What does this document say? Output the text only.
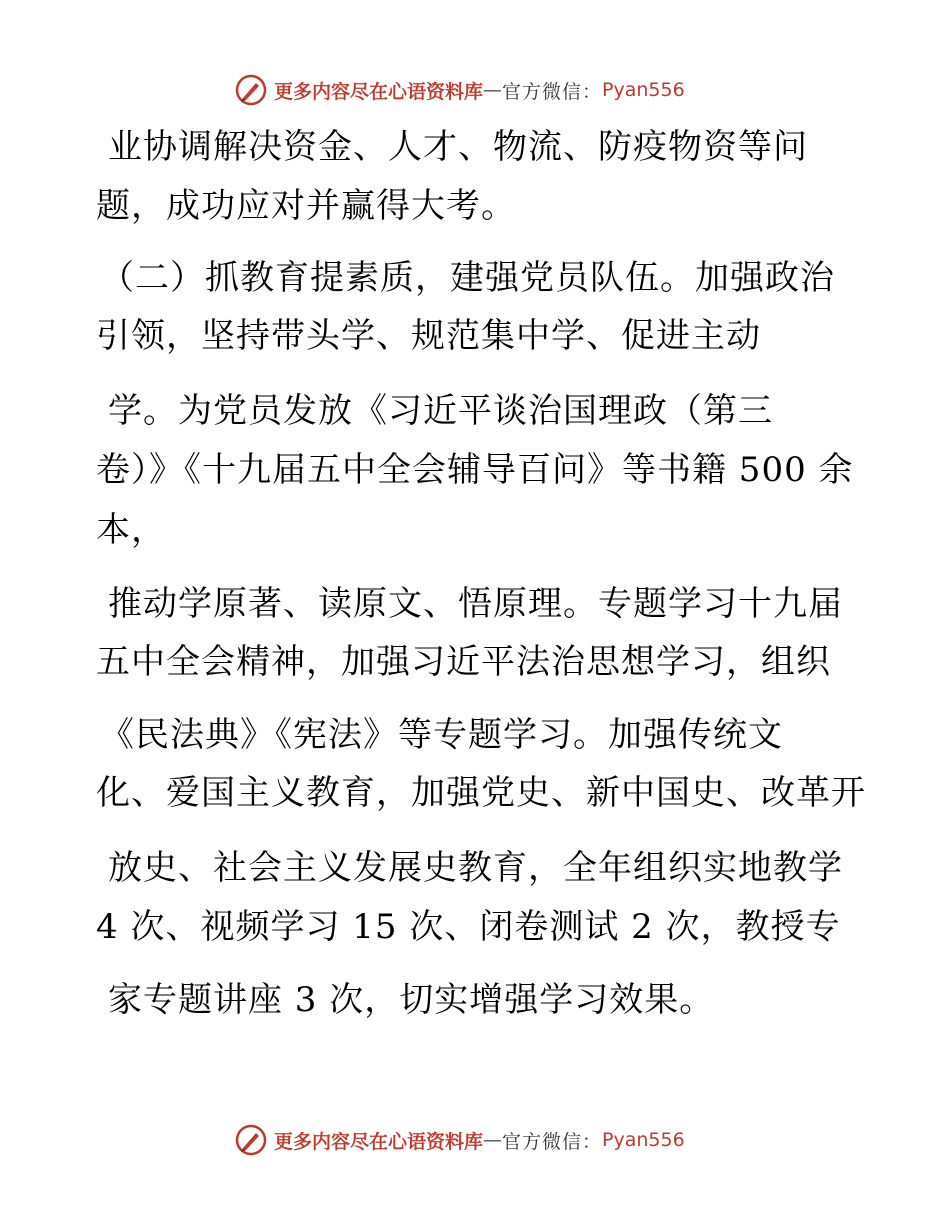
更多内容尽在心语资料库 — 官方微信： Pyan556
业协调解决资金、人才、物流、防疫物资等问
题，成功应对并赢得大考。
（二）抓教育提素质，建强党员队伍。加强政治
引领，坚持带头学、规范集中学、促进主动
学。为党员发放《习近平谈治国理政（第三
卷）》《十九届五中全会辅导百问》等书籍 500 余
本，
推动学原著、读原文、悟原理。专题学习十九届
五中全会精神，加强习近平法治思想学习，组织
《民法典》《宪法》等专题学习。加强传统文
化、爱国主义教育，加强党史、新中国史、改革开
放史、社会主义发展史教育，全年组织实地教学
4 次、视频学习 15 次、闭卷测试 2 次，教授专
家专题讲座 3 次，切实增强学习效果。
更多内容尽在心语资料库 — 官方微信： Pyan556
